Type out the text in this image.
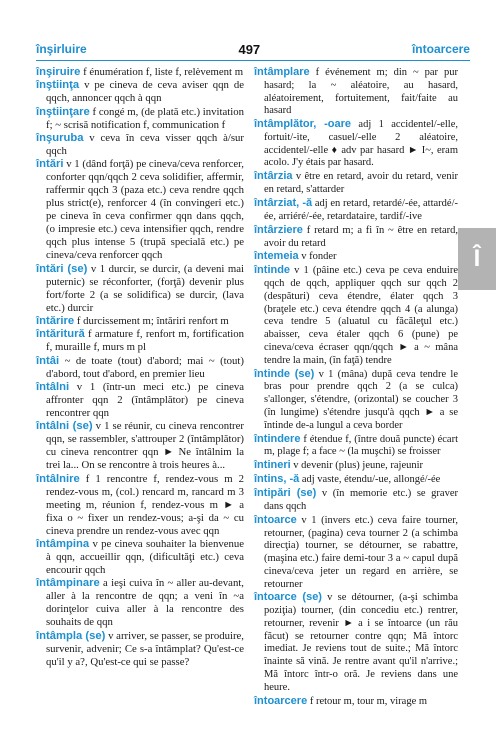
înşirluire	497	întoarcere

înşiruire f énumération f, liste f, relèvement m

înştiinţa v pe cineva de ceva aviser qqn de qqch, annoncer qqch à qqn

înştiinţare f congé m, (de plată etc.) invitation f; ~ scrisă notification f, communication f

înşuruba v ceva în ceva visser qqch à/sur qqch

întări v 1 (dând forţă) pe cineva/ceva renforcer, conforter qqn/qqch 2 ceva solidifier, affermir, raffermir qqch 3 (paza etc.) ceva rendre qqch plus strict(e), renforcer 4 (în convingeri etc.) pe cineva în ceva confirmer qqn dans qqch, (o impresie etc.) ceva intensifier qqch, rendre qqch plus intense 5 (trupă specială etc.) pe cineva/ceva renforcer qqch

întări (se) v 1 durcir, se durcir, (a deveni mai puternic) se réconforter, (forţă) devenir plus fort/forte 2 (a se solidifica) se durcir, (lava etc.) durcir

întărire f durcissement m; întăriri renfort m

întăritură f armature f, renfort m, fortification f, muraille f, murs m pl

întâi ~ de toate (tout) d'abord; mai ~ (tout) d'abord, tout d'abord, en premier lieu

întâlni v 1 (într-un meci etc.) pe cineva affronter qqn 2 (întâmplător) pe cineva rencontrer qqn

întâlni (se) v 1 se réunir, cu cineva rencontrer qqn, se rassembler, s'attrouper 2 (întâmplător) cu cineva rencontrer qqn ► Ne întâlnim la trei la... On se rencontre à trois heures à...

întâlnire f 1 rencontre f, rendez-vous m 2 rendez-vous m, (col.) rencard m, rancard m 3 meeting m, réunion f, rendez-vous m ► a fixa o ~ fixer un rendez-vous; a-şi da ~ cu cineva prendre un rendez-vous avec qqn

întâmpina v pe cineva souhaiter la bienvenue à qqn, accueillir qqn, (dificultăţi etc.) ceva encourir qqch

întâmpinare a ieşi cuiva în ~ aller au-devant, aller à la rencontre de qqn; a veni în ~a dorinţelor cuiva aller à la rencontre des souhaits de qqn

întâmpla (se) v arriver, se passer, se produire, survenir, advenir; Ce s-a întâmplat? Qu'est-ce qu'il y a?, Qu'est-ce qui se passe?

întâmplare f événement m; din ~ par pur hasard; la ~ aléatoire, au hasard, aléatoirement, fortuitement, fait/faite au hasard

întâmplător, -oare adj 1 accidentel/-elle, fortuit/-ite, casuel/-elle 2 aléatoire, accidentel/-elle ♦ adv par hasard ► I~, eram acolo. J'y étais par hasard.

întârzia v être en retard, avoir du retard, venir en retard, s'attarder

întârziat, -ă adj en retard, retardé/-ée, attardé/-ée, arriéré/-ée, retardataire, tardif/-ive

întârziere f retard m; a fi în ~ être en retard, avoir du retard

întemeia v fonder

întinde v 1 (pâine etc.) ceva pe ceva enduire qqch de qqch, appliquer qqch sur qqch 2 (despături) ceva étendre, élater qqch 3 (braţele etc.) ceva étendre qqch 4 (a alunga) ceva tendre 5 (aluatul cu făcăleţul etc.) abaisser, ceva étaler qqch 6 (pune) pe cineva/ceva écraser qqn/qqch ► a ~ mâna tendre la main, (în faţă) tendre

întinde (se) v 1 (mâna) după ceva tendre le bras pour prendre qqch 2 (a se culca) s'allonger, s'étendre, (orizontal) se coucher 3 (în lungime) s'étendre jusqu'à qqch ► a se întinde de-a lungul a ceva border

întindere f étendue f, (între două puncte) écart m, plage f; a face ~ (la muşchi) se froisser

întineri v devenir (plus) jeune, rajeunir

întins, -ă adj vaste, étendu/-ue, allongé/-ée

întipări (se) v (în memorie etc.) se graver dans qqch

întoarce v 1 (invers etc.) ceva faire tourner, retourner, (pagina) ceva tourner 2 (a schimba direcţia) tourner, se détourner, se rabattre, (maşina etc.) faire demi-tour 3 a ~ capul după cineva/ceva jeter un regard en arrière, se retourner

întoarce (se) v se détourner, (a-şi schimba poziţia) tourner, (din concediu etc.) rentrer, retourner, revenir ► a i se întoarce (un rău făcut) se retourner contre qqn; Mă întorc imediat. Je reviens tout de suite.; Mă întorc înainte să vină. Je rentre avant qu'il n'arrive.; Mă întorc într-o oră. Je reviens dans une heure.

întoarcere f retour m, tour m, virage m

Î
